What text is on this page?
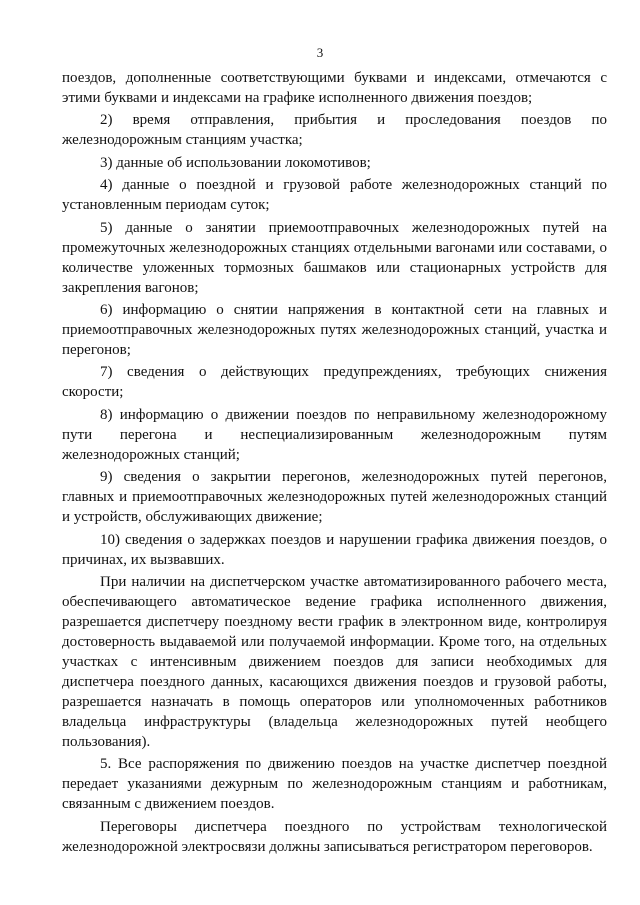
3

поездов, дополненные соответствующими буквами и индексами, отмечаются с этими буквами и индексами на графике исполненного движения поездов;

2) время отправления, прибытия и проследования поездов по железнодорожным станциям участка;

3) данные об использовании локомотивов;

4) данные о поездной и грузовой работе железнодорожных станций по установленным периодам суток;

5) данные о занятии приемоотправочных железнодорожных путей на промежуточных железнодорожных станциях отдельными вагонами или составами, о количестве уложенных тормозных башмаков или стационарных устройств для закрепления вагонов;

6) информацию о снятии напряжения в контактной сети на главных и приемоотправочных железнодорожных путях железнодорожных станций, участка и перегонов;

7) сведения о действующих предупреждениях, требующих снижения скорости;

8) информацию о движении поездов по неправильному железнодорожному пути перегона и неспециализированным железнодорожным путям железнодорожных станций;

9) сведения о закрытии перегонов, железнодорожных путей перегонов, главных и приемоотправочных железнодорожных путей железнодорожных станций и устройств, обслуживающих движение;

10) сведения о задержках поездов и нарушении графика движения поездов, о причинах, их вызвавших.

При наличии на диспетчерском участке автоматизированного рабочего места, обеспечивающего автоматическое ведение графика исполненного движения, разрешается диспетчеру поездному вести график в электронном виде, контролируя достоверность выдаваемой или получаемой информации. Кроме того, на отдельных участках с интенсивным движением поездов для записи необходимых для диспетчера поездного данных, касающихся движения поездов и грузовой работы, разрешается назначать в помощь операторов или уполномоченных работников владельца инфраструктуры (владельца железнодорожных путей необщего пользования).

5. Все распоряжения по движению поездов на участке диспетчер поездной передает указаниями дежурным по железнодорожным станциям и работникам, связанным с движением поездов.

Переговоры диспетчера поездного по устройствам технологической железнодорожной электросвязи должны записываться регистратором переговоров.
